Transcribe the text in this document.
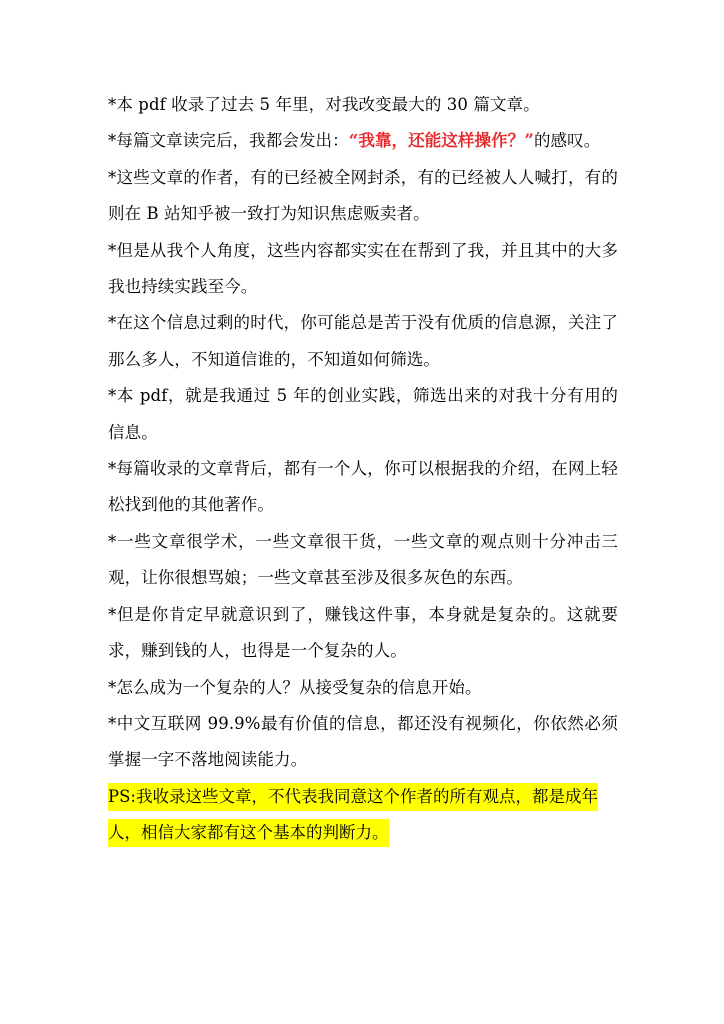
*本 pdf 收录了过去 5 年里，对我改变最大的 30 篇文章。

*每篇文章读完后，我都会发出：“我靠，还能这样操作？”的感叹。

*这些文章的作者，有的已经被全网封杀，有的已经被人人喊打，有的则在 B 站知乎被一致打为知识焦虑贩卖者。

*但是从我个人角度，这些内容都实实在在帮到了我，并且其中的大多我也持续实践至今。

*在这个信息过剩的时代，你可能总是苦于没有优质的信息源，关注了那么多人，不知道信谁的，不知道如何筛选。

*本 pdf，就是我通过 5 年的创业实践，筛选出来的对我十分有用的信息。

*每篇收录的文章背后，都有一个人，你可以根据我的介绍，在网上轻松找到他的其他著作。

*一些文章很学术，一些文章很干货，一些文章的观点则十分冲击三观，让你很想骂娘；一些文章甚至涉及很多灰色的东西。

*但是你肯定早就意识到了，赚钱这件事，本身就是复杂的。这就要求，赚到钱的人，也得是一个复杂的人。

*怎么成为一个复杂的人？从接受复杂的信息开始。

*中文互联网 99.9%最有价值的信息，都还没有视频化，你依然必须掌握一字不落地阅读能力。

PS:我收录这些文章，不代表我同意这个作者的所有观点，都是成年人，相信大家都有这个基本的判断力。
